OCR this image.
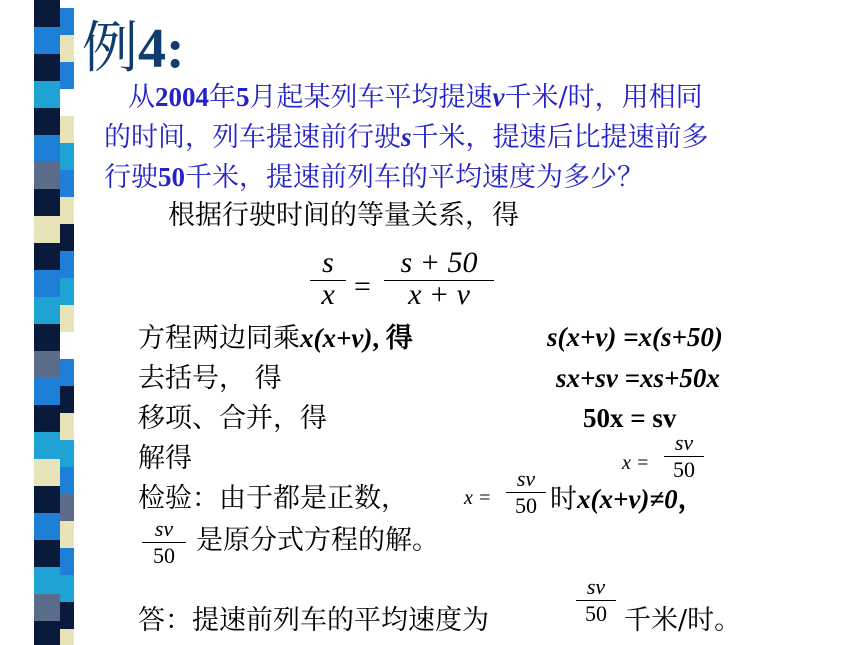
例4:
从2004年5月起某列车平均提速v千米/时，用相同
的时间，列车提速前行驶s千米，提速后比提速前多
行驶50千米，提速前列车的平均速度为多少？
根据行驶时间的等量关系，得
s
x =
s + 50
x + v
方程两边同乘x(x+v), 得	s(x+v) =x(s+50)
去括号， 得	sx+sv =xs+50x
移项、合并，得	50x = sv
解得	x =
sv
50
检验：由于都是正数，	x =
sv
50 时x(x+v)≠0，
sv
50 是原分式方程的解。
答：提速前列车的平均速度为
sv
50 千米/时。
